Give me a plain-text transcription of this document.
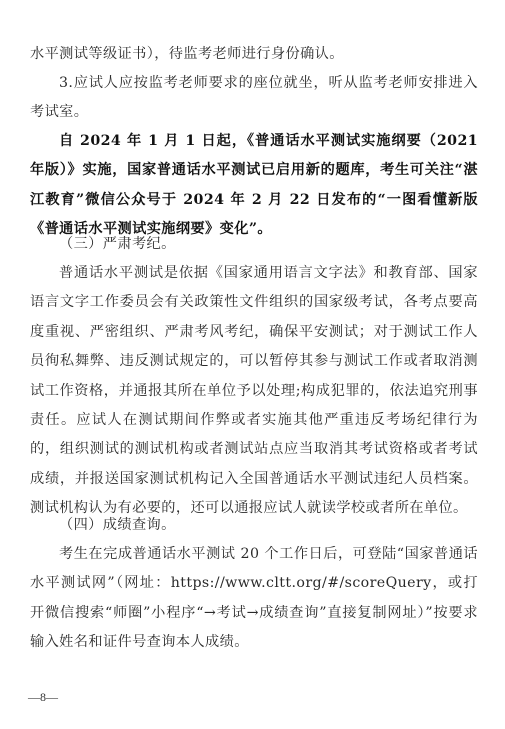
水平测试等级证书），待监考老师进行身份确认。

3.应试人应按监考老师要求的座位就坐，听从监考老师安排进入考试室。

自 2024 年 1 月 1 日起，《普通话水平测试实施纲要（2021年版）》实施，国家普通话水平测试已启用新的题库，考生可关注“湛江教育”微信公众号于 2024 年 2 月 22 日发布的“一图看懂新版《普通话水平测试实施纲要》变化”。

（三）严肃考纪。

普通话水平测试是依据《国家通用语言文字法》和教育部、国家语言文字工作委员会有关政策性文件组织的国家级考试，各考点要高度重视、严密组织、严肃考风考纪，确保平安测试；对于测试工作人员徇私舞弊、违反测试规定的，可以暂停其参与测试工作或者取消测试工作资格，并通报其所在单位予以处理;构成犯罪的，依法追究刑事责任。应试人在测试期间作弊或者实施其他严重违反考场纪律行为的，组织测试的测试机构或者测试站点应当取消其考试资格或者考试成绩，并报送国家测试机构记入全国普通话水平测试违纪人员档案。测试机构认为有必要的，还可以通报应试人就读学校或者所在单位。

（四）成绩查询。

考生在完成普通话水平测试 20 个工作日后，可登陆“国家普通话水平测试网”（网址：https://www.cltt.org/#/scoreQuery，或打开微信搜索“师圈”小程序“→考试→成绩查询”直接复制网址）”按要求输入姓名和证件号查询本人成绩。

—8—
